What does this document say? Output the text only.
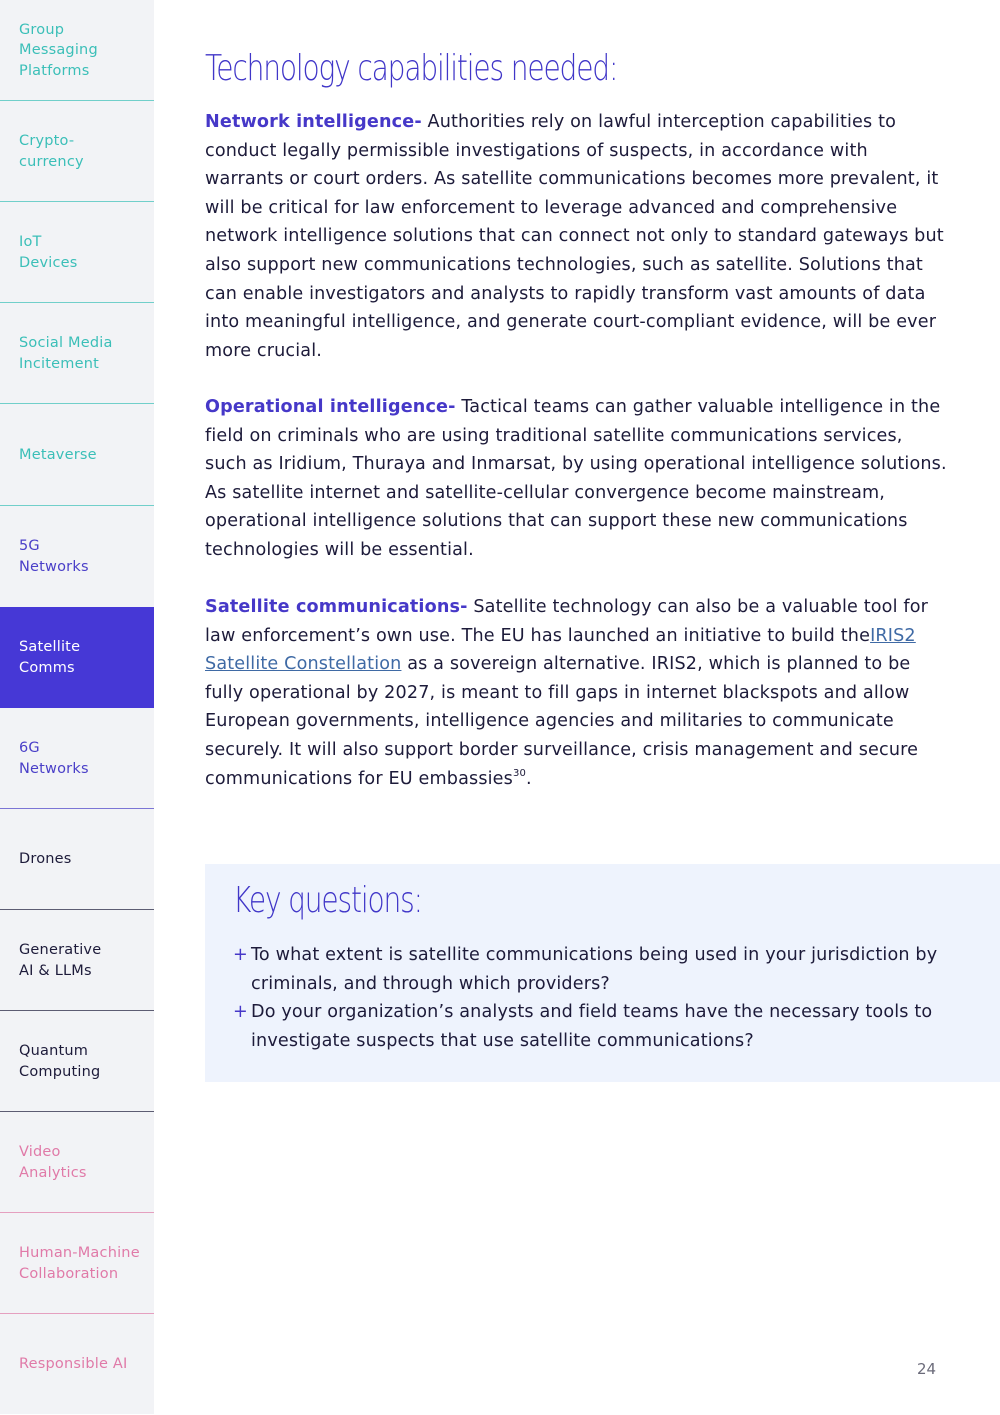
Group
Messaging
Platforms
Crypto-
currency
IoT
Devices
Social Media
Incitement
Metaverse
5G
Networks
Satellite
Comms
6G
Networks
Drones
Generative
AI & LLMs
Quantum
Computing
Video
Analytics
Human-Machine
Collaboration
Responsible AI
Technology capabilities needed:
Network intelligence- Authorities rely on lawful interception capabilities to conduct legally permissible investigations of suspects, in accordance with warrants or court orders. As satellite communications becomes more prevalent, it will be critical for law enforcement to leverage advanced and comprehensive network intelligence solutions that can connect not only to standard gateways but also support new communications technologies, such as satellite. Solutions that can enable investigators and analysts to rapidly transform vast amounts of data into meaningful intelligence, and generate court-compliant evidence, will be ever more crucial.
Operational intelligence- Tactical teams can gather valuable intelligence in the field on criminals who are using traditional satellite communications services, such as Iridium, Thuraya and Inmarsat, by using operational intelligence solutions. As satellite internet and satellite-cellular convergence become mainstream, operational intelligence solutions that can support these new communications technologies will be essential.
Satellite communications- Satellite technology can also be a valuable tool for law enforcement’s own use. The EU has launched an initiative to build theIRIS2 Satellite Constellation as a sovereign alternative. IRIS2, which is planned to be fully operational by 2027, is meant to fill gaps in internet blackspots and allow European governments, intelligence agencies and militaries to communicate securely. It will also support border surveillance, crisis management and secure communications for EU embassies$^{30}$.
Key questions:
+ To what extent is satellite communications being used in your jurisdiction by criminals, and through which providers?
+ Do your organization’s analysts and field teams have the necessary tools to investigate suspects that use satellite communications?
24
